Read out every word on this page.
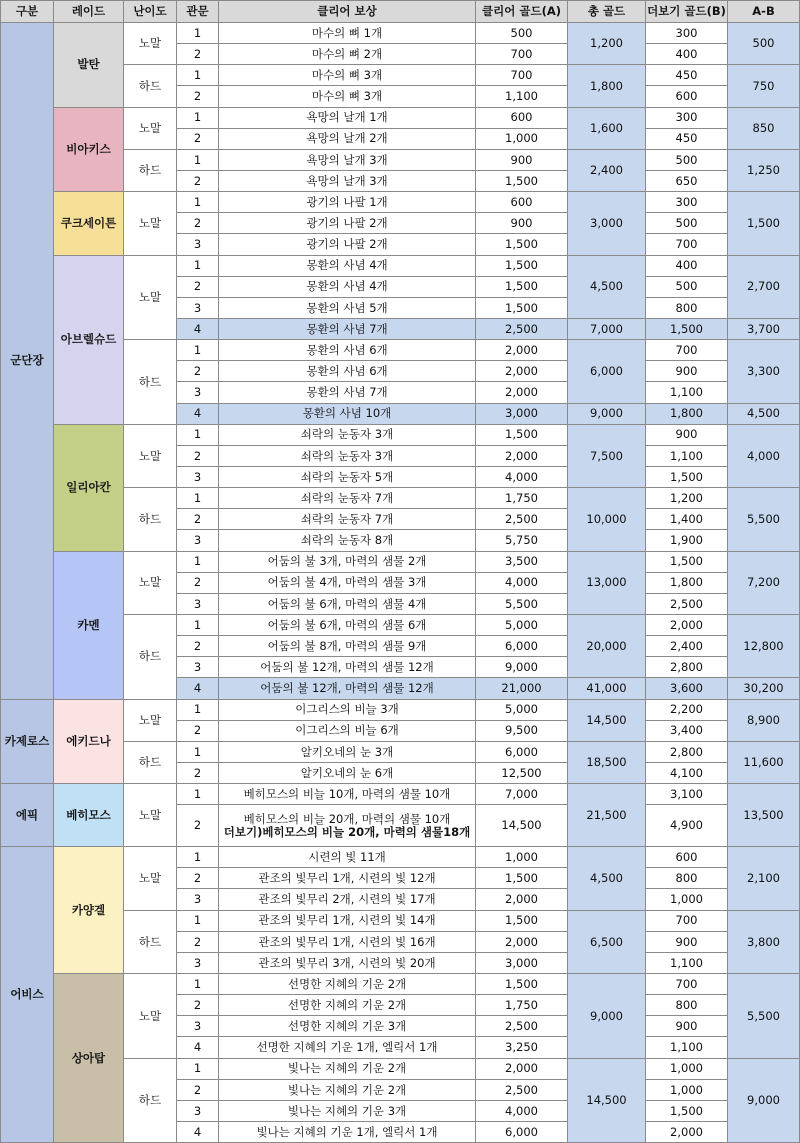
구분	레이드	난이도	관문	클리어 보상	클리어 골드(A)	총 골드	더보기 골드(B)	A-B
군단장	발탄	노말	1	마수의 뼈 1개	500	1,200	300	500
			2	마수의 뼈 2개	700		400	
		하드	1	마수의 뼈 3개	700	1,800	450	750
			2	마수의 뼈 3개	1,100		600	
	비아키스	노말	1	욕망의 날개 1개	600	1,600	300	850
			2	욕망의 날개 2개	1,000		450	
		하드	1	욕망의 날개 3개	900	2,400	500	1,250
			2	욕망의 날개 3개	1,500		650	
	쿠크세이튼	노말	1	광기의 나팔 1개	600	3,000	300	1,500
			2	광기의 나팔 2개	900		500	
			3	광기의 나팔 2개	1,500		700	
	아브렐슈드	노말	1	몽환의 사념 4개	1,500	4,500	400	2,700
			2	몽환의 사념 4개	1,500		500	
			3	몽환의 사념 5개	1,500		800	
			4	몽환의 사념 7개	2,500	7,000	1,500	3,700
		하드	1	몽환의 사념 6개	2,000	6,000	700	3,300
			2	몽환의 사념 6개	2,000		900	
			3	몽환의 사념 7개	2,000		1,100	
			4	몽환의 사념 10개	3,000	9,000	1,800	4,500
	일리아칸	노말	1	쇠락의 눈동자 3개	1,500	7,500	900	4,000
			2	쇠락의 눈동자 3개	2,000		1,100	
			3	쇠락의 눈동자 5개	4,000		1,500	
		하드	1	쇠락의 눈동자 7개	1,750	10,000	1,200	5,500
			2	쇠락의 눈동자 7개	2,500		1,400	
			3	쇠락의 눈동자 8개	5,750		1,900	
	카멘	노말	1	어둠의 불 3개, 마력의 샘물 2개	3,500	13,000	1,500	7,200
			2	어둠의 불 4개, 마력의 샘물 3개	4,000		1,800	
			3	어둠의 불 6개, 마력의 샘물 4개	5,500		2,500	
		하드	1	어둠의 불 6개, 마력의 샘물 6개	5,000	20,000	2,000	12,800
			2	어둠의 불 8개, 마력의 샘물 9개	6,000		2,400	
			3	어둠의 불 12개, 마력의 샘물 12개	9,000		2,800	
			4	어둠의 불 12개, 마력의 샘물 12개	21,000	41,000	3,600	30,200
카제로스	에키드나	노말	1	이그리스의 비늘 3개	5,000	14,500	2,200	8,900
			2	이그리스의 비늘 6개	9,500		3,400	
		하드	1	알키오네의 눈 3개	6,000	18,500	2,800	11,600
			2	알키오네의 눈 6개	12,500		4,100	
에픽	베히모스	노말	1	베히모스의 비늘 10개, 마력의 샘물 10개	7,000	21,500	3,100	13,500
			2	베히모스의 비늘 20개, 마력의 샘물 10개
더보기)베히모스의 비늘 20개, 마력의 샘물18개	14,500		4,900	
어비스	카양겔	노말	1	시련의 빛 11개	1,000	4,500	600	2,100
			2	관조의 빛무리 1개, 시련의 빛 12개	1,500		800	
			3	관조의 빛무리 2개, 시련의 빛 17개	2,000		1,000	
		하드	1	관조의 빛무리 1개, 시련의 빛 14개	1,500	6,500	700	3,800
			2	관조의 빛무리 1개, 시련의 빛 16개	2,000		900	
			3	관조의 빛무리 3개, 시련의 빛 20개	3,000		1,100	
	상아탑	노말	1	선명한 지혜의 기운 2개	1,500	9,000	700	5,500
			2	선명한 지혜의 기운 2개	1,750		800	
			3	선명한 지혜의 기운 3개	2,500		900	
			4	선명한 지혜의 기운 1개, 엘릭서 1개	3,250		1,100	
		하드	1	빛나는 지혜의 기운 2개	2,000	14,500	1,000	9,000
			2	빛나는 지혜의 기운 2개	2,500		1,000	
			3	빛나는 지혜의 기운 3개	4,000		1,500	
			4	빛나는 지혜의 기운 1개, 엘릭서 1개	6,000		2,000	
